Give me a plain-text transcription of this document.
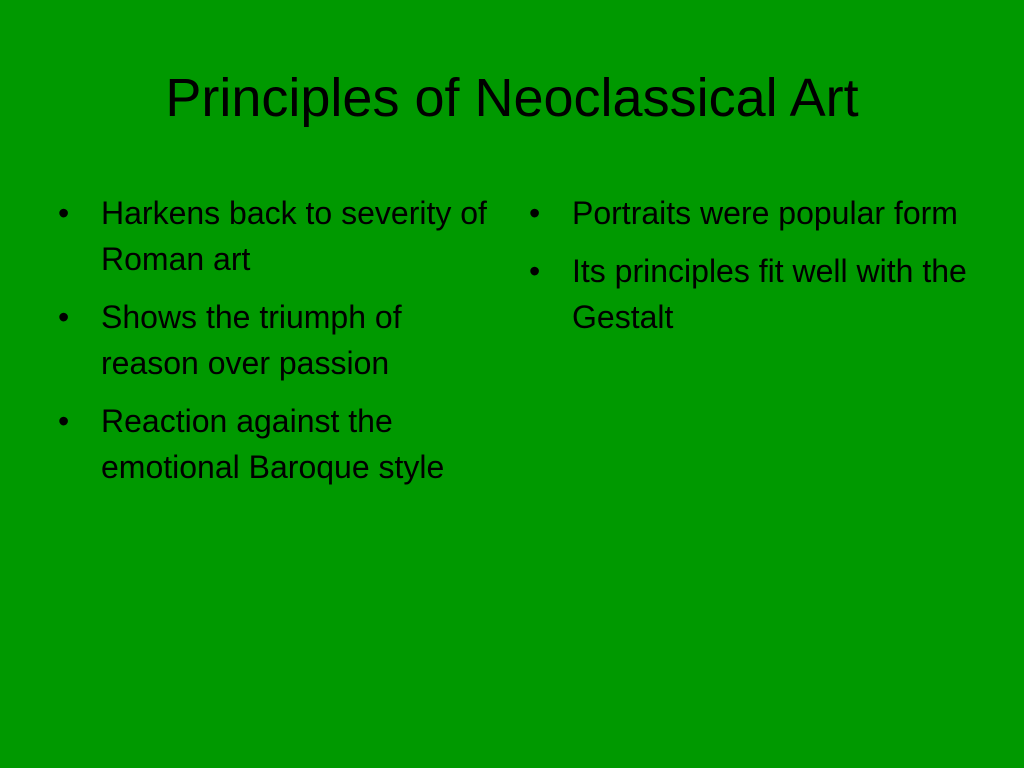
Principles of Neoclassical Art
• Harkens back to severity of Roman art
• Shows the triumph of reason over passion
• Reaction against the emotional Baroque style
• Portraits were popular form
• Its principles fit well with the Gestalt
